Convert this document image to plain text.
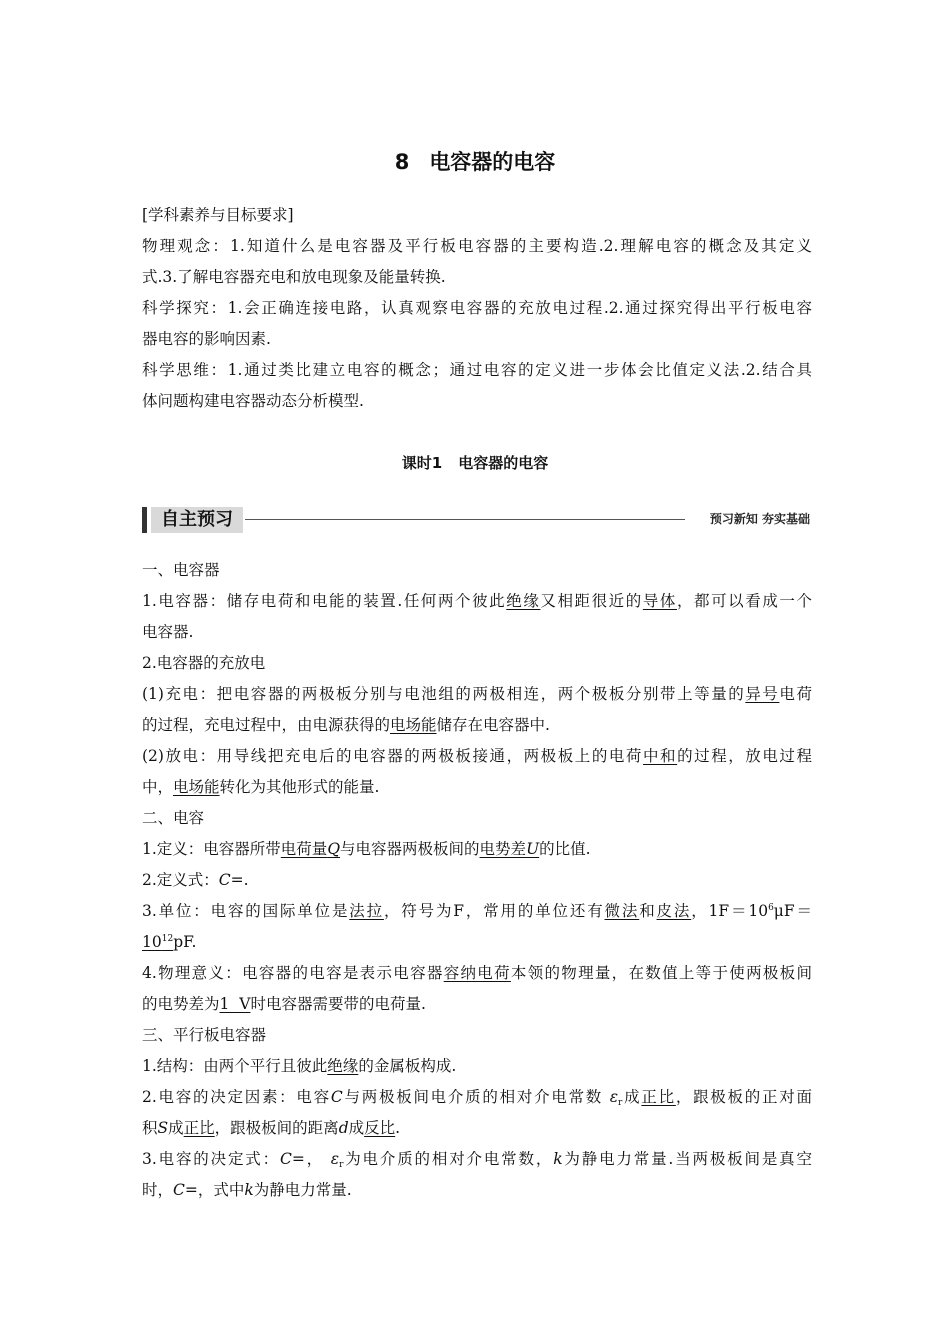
8 电容器的电容

[学科素养与目标要求]

物理观念：1.知道什么是电容器及平行板电容器的主要构造.2.理解电容的概念及其定义

式.3.了解电容器充电和放电现象及能量转换.

科学探究：1.会正确连接电路，认真观察电容器的充放电过程.2.通过探究得出平行板电容

器电容的影响因素.

科学思维：1.通过类比建立电容的概念；通过电容的定义进一步体会比值定义法.2.结合具

体问题构建电容器动态分析模型.

课时1 电容器的电容
自主预习	预习新知 夯实基础

一、电容器

1.电容器：储存电荷和电能的装置.任何两个彼此绝缘又相距很近的导体，都可以看成一个

电容器.

2.电容器的充放电

(1)充电：把电容器的两极板分别与电池组的两极相连，两个极板分别带上等量的异号电荷

的过程，充电过程中，由电源获得的电场能储存在电容器中.

(2)放电：用导线把充电后的电容器的两极板接通，两极板上的电荷中和的过程，放电过程

中，电场能转化为其他形式的能量.

二、电容

1.定义：电容器所带电荷量Q与电容器两极板间的电势差U的比值.

2.定义式：C=.

3.单位：电容的国际单位是法拉，符号为F，常用的单位还有微法和皮法，$1F=10^6\mu F=$

$10^{12}pF$.

4.物理意义：电容器的电容是表示电容器容纳电荷本领的物理量，在数值上等于使两极板间

的电势差为1  V时电容器需要带的电荷量.

三、平行板电容器

1.结构：由两个平行且彼此绝缘的金属板构成.

2.电容的决定因素：电容C与两极板间电介质的相对介电常数 $\varepsilon_r$成正比，跟极板的正对面

积S成正比，跟极板间的距离d成反比.

3.电容的决定式：C=， $\varepsilon_r$为电介质的相对介电常数，k为静电力常量.当两极板间是真空

时，C=，式中k为静电力常量.
